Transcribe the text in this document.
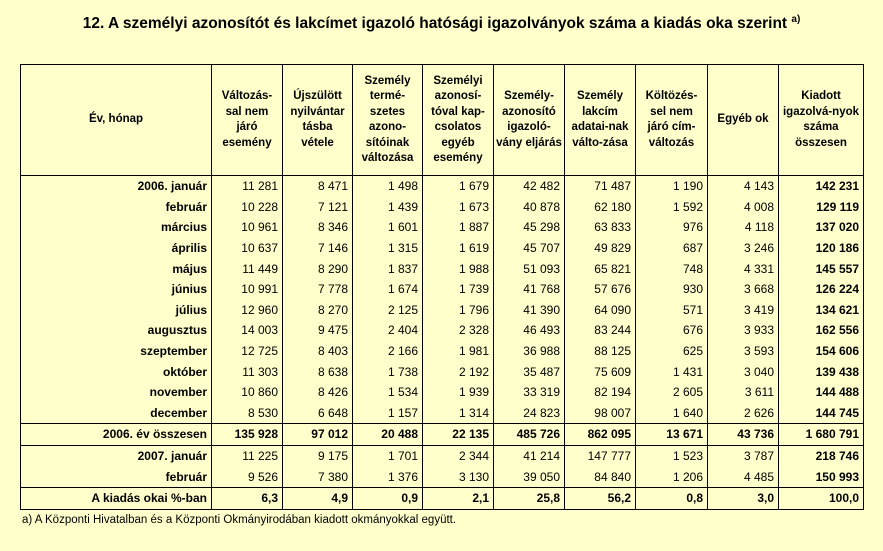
12. A személyi azonosítót és lakcímet igazoló hatósági igazolványok száma a kiadás oka szerint $^{a)}$
Év, hónap	Változás-sal nem járó esemény	Újszülött nyilvántar tásba vétele	Személy termé-szetes azono-sítóinak változása	Személyi azonosí-tóval kap-csolatos egyéb esemény	Személy-azonosító igazoló-vány eljárás	Személy lakcím adatai-nak válto-zása	Költözés-sel nem járó cím-változás	Egyéb ok	Kiadott igazolvá-nyok száma összesen
2006. január	11 281	8 471	1 498	1 679	42 482	71 487	1 190	4 143	142 231
február	10 228	7 121	1 439	1 673	40 878	62 180	1 592	4 008	129 119
március	10 961	8 346	1 601	1 887	45 298	63 833	976	4 118	137 020
április	10 637	7 146	1 315	1 619	45 707	49 829	687	3 246	120 186
május	11 449	8 290	1 837	1 988	51 093	65 821	748	4 331	145 557
június	10 991	7 778	1 674	1 739	41 768	57 676	930	3 668	126 224
július	12 960	8 270	2 125	1 796	41 390	64 090	571	3 419	134 621
augusztus	14 003	9 475	2 404	2 328	46 493	83 244	676	3 933	162 556
szeptember	12 725	8 403	2 166	1 981	36 988	88 125	625	3 593	154 606
október	11 303	8 638	1 738	2 192	35 487	75 609	1 431	3 040	139 438
november	10 860	8 426	1 534	1 939	33 319	82 194	2 605	3 611	144 488
december	8 530	6 648	1 157	1 314	24 823	98 007	1 640	2 626	144 745
2006. év összesen	135 928	97 012	20 488	22 135	485 726	862 095	13 671	43 736	1 680 791
2007. január	11 225	9 175	1 701	2 344	41 214	147 777	1 523	3 787	218 746
február	9 526	7 380	1 376	3 130	39 050	84 840	1 206	4 485	150 993
A kiadás okai %-ban	6,3	4,9	0,9	2,1	25,8	56,2	0,8	3,0	100,0
a) A Központi Hivatalban és a Központi Okmányirodában kiadott okmányokkal együtt.
